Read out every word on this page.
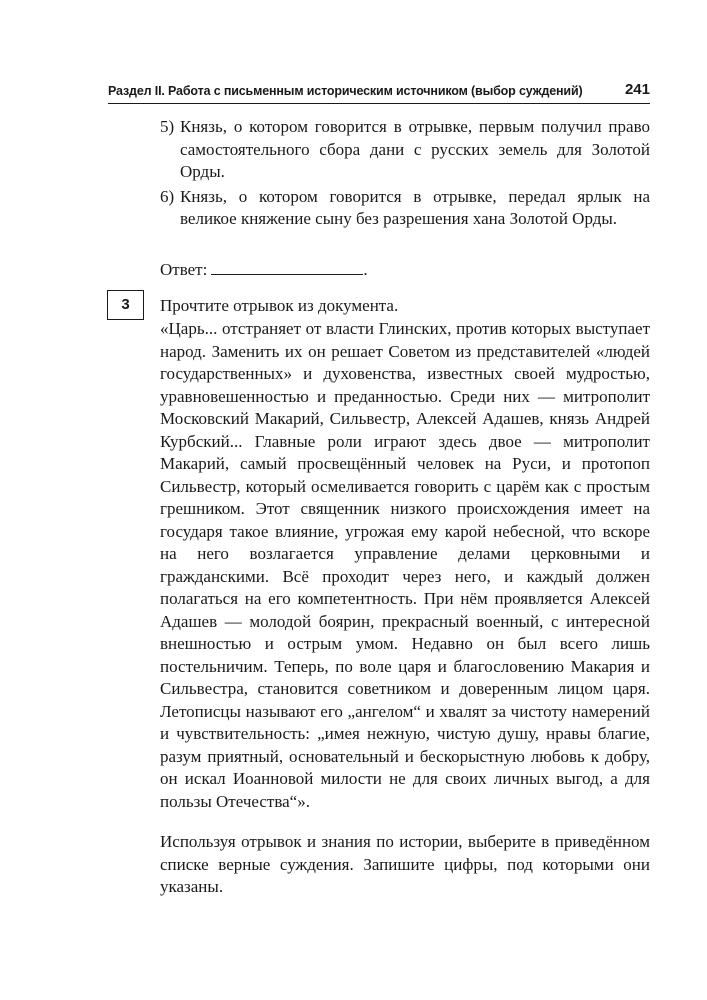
Раздел II. Работа с письменным историческим источником (выбор суждений)	241
5) Князь, о котором говорится в отрывке, первым получил право самостоятельного сбора дани с русских земель для Золотой Орды.
6) Князь, о котором говорится в отрывке, передал ярлык на великое княжение сыну без разрешения хана Золотой Орды.
Ответ:	.
3	Прочтите отрывок из документа.

«Царь... отстраняет от власти Глинских, против которых выступает народ. Заменить их он решает Советом из представителей «людей государственных» и духовенства, известных своей мудростью, уравновешенностью и преданностью. Среди них — митрополит Московский Макарий, Сильвестр, Алексей Адашев, князь Андрей Курбский... Главные роли играют здесь двое — митрополит Макарий, самый просвещённый человек на Руси, и протопоп Сильвестр, который осмеливается говорить с царём как с простым грешником. Этот священник низкого происхождения имеет на государя такое влияние, угрожая ему карой небесной, что вскоре на него возлагается управление делами церковными и гражданскими. Всё проходит через него, и каждый должен полагаться на его компетентность. При нём проявляется Алексей Адашев — молодой боярин, прекрасный военный, с интересной внешностью и острым умом. Недавно он был всего лишь постельничим. Теперь, по воле царя и благословению Макария и Сильвестра, становится советником и доверенным лицом царя. Летописцы называют его „ангелом“ и хвалят за чистоту намерений и чувствительность: „имея нежную, чистую душу, нравы благие, разум приятный, основательный и бескорыстную любовь к добру, он искал Иоанновой милости не для своих личных выгод, а для пользы Отечества“».

Используя отрывок и знания по истории, выберите в приведённом списке верные суждения. Запишите цифры, под которыми они указаны.
